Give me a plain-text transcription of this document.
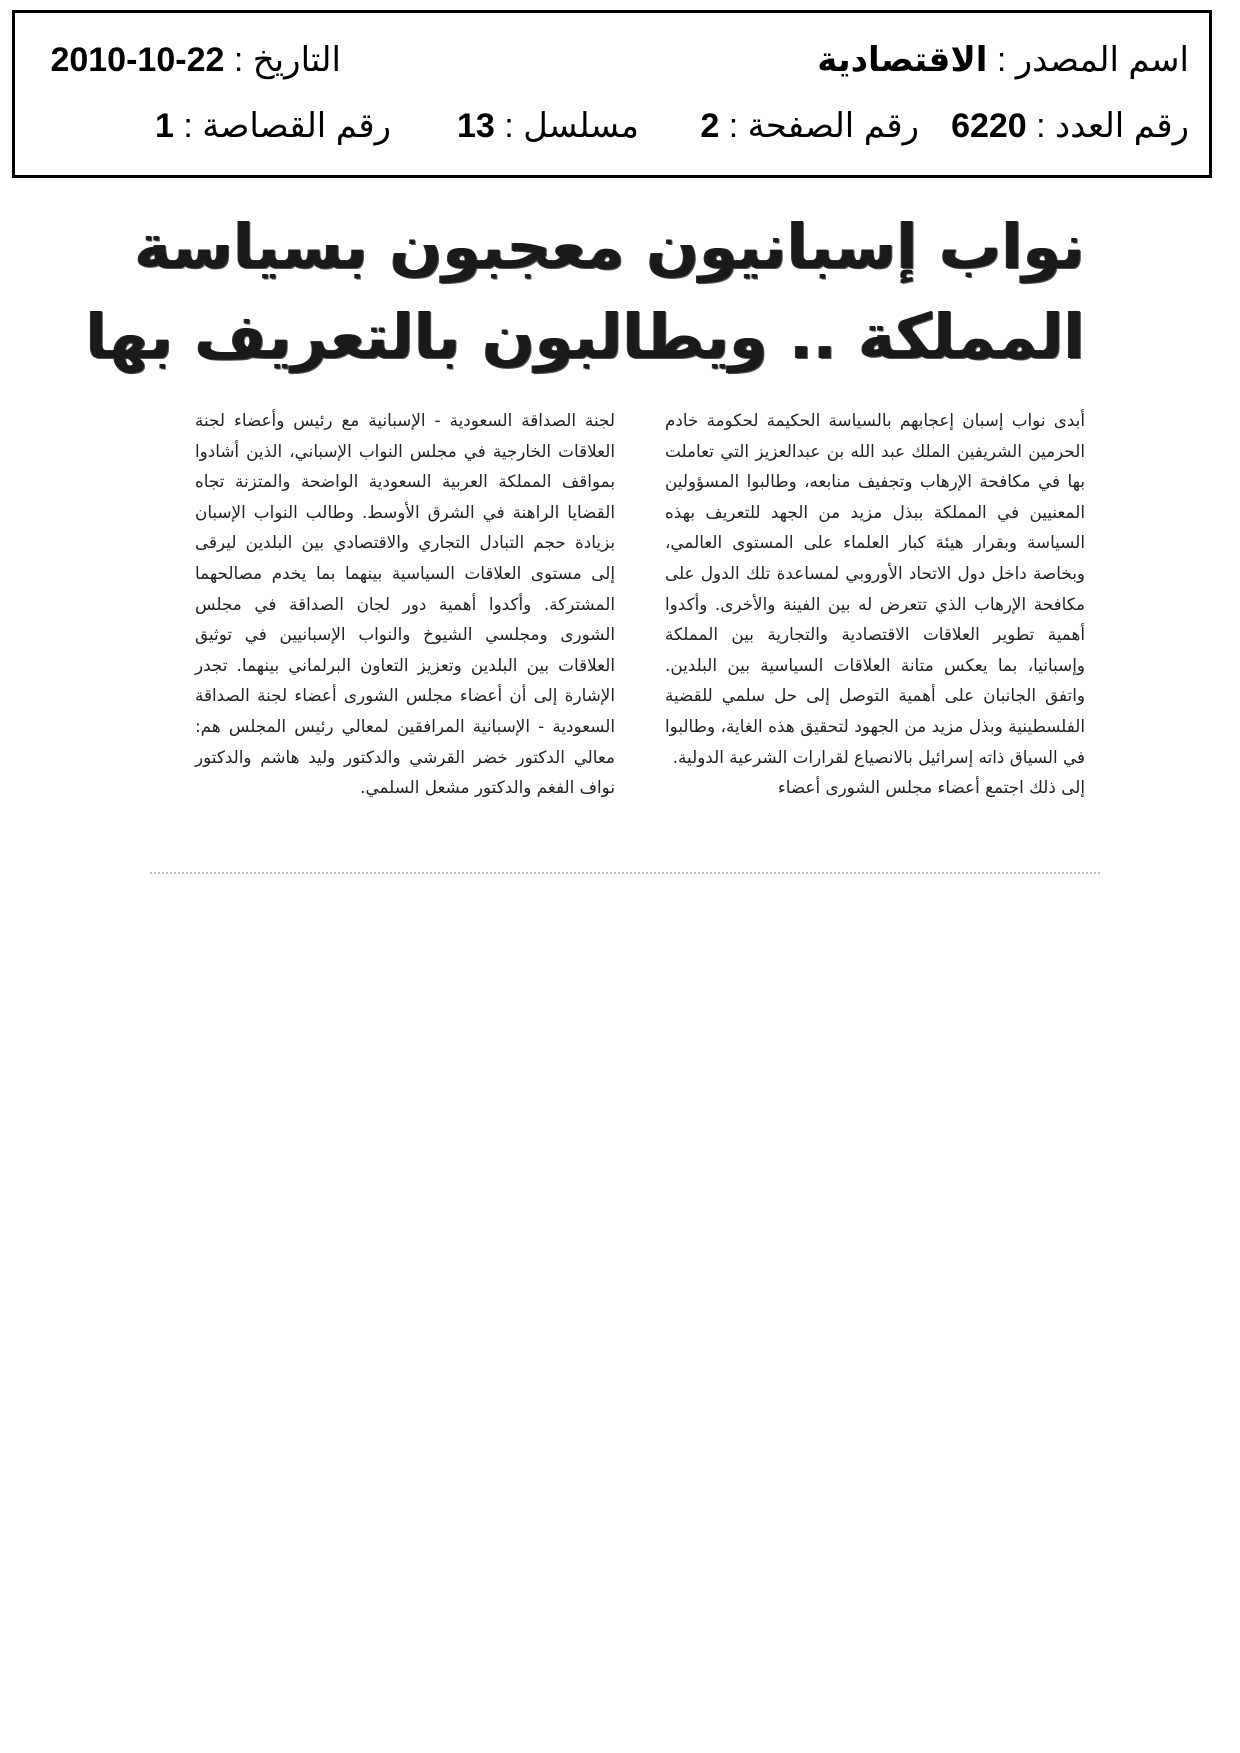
اسم المصدر : الاقتصادية
التاريخ : 22-10-2010
رقم العدد : 6220
رقم الصفحة : 2
مسلسل : 13
رقم القصاصة : 1
نواب إسبانيون معجبون بسياسة
المملكة .. ويطالبون بالتعريف بها

أبدى نواب إسبان إعجابهم بالسياسة الحكيمة لحكومة خادم الحرمين الشريفين الملك عبد الله بن عبدالعزيز التي تعاملت بها في مكافحة الإرهاب وتجفيف منابعه، وطالبوا المسؤولين المعنيين في المملكة ببذل مزيد من الجهد للتعريف بهذه السياسة وبقرار هيئة كبار العلماء على المستوى العالمي، وبخاصة داخل دول الاتحاد الأوروبي لمساعدة تلك الدول على مكافحة الإرهاب الذي تتعرض له بين الفينة والأخرى. وأكدوا أهمية تطوير العلاقات الاقتصادية والتجارية بين المملكة وإسبانيا، بما يعكس متانة العلاقات السياسية بين البلدين. واتفق الجانبان على أهمية التوصل إلى حل سلمي للقضية الفلسطينية وبذل مزيد من الجهود لتحقيق هذه الغاية، وطالبوا في السياق ذاته إسرائيل بالانصياع لقرارات الشرعية الدولية.

إلى ذلك اجتمع أعضاء مجلس الشورى أعضاء

لجنة الصداقة السعودية - الإسبانية مع رئيس وأعضاء لجنة العلاقات الخارجية في مجلس النواب الإسباني، الذين أشادوا بمواقف المملكة العربية السعودية الواضحة والمتزنة تجاه القضايا الراهنة في الشرق الأوسط. وطالب النواب الإسبان بزيادة حجم التبادل التجاري والاقتصادي بين البلدين ليرقى إلى مستوى العلاقات السياسية بينهما بما يخدم مصالحهما المشتركة. وأكدوا أهمية دور لجان الصداقة في مجلس الشورى ومجلسي الشيوخ والنواب الإسبانيين في توثيق العلاقات بين البلدين وتعزيز التعاون البرلماني بينهما. تجدر الإشارة إلى أن أعضاء مجلس الشورى أعضاء لجنة الصداقة السعودية - الإسبانية المرافقين لمعالي رئيس المجلس هم: معالي الدكتور خضر القرشي والدكتور وليد هاشم والدكتور نواف الفغم والدكتور مشعل السلمي.
